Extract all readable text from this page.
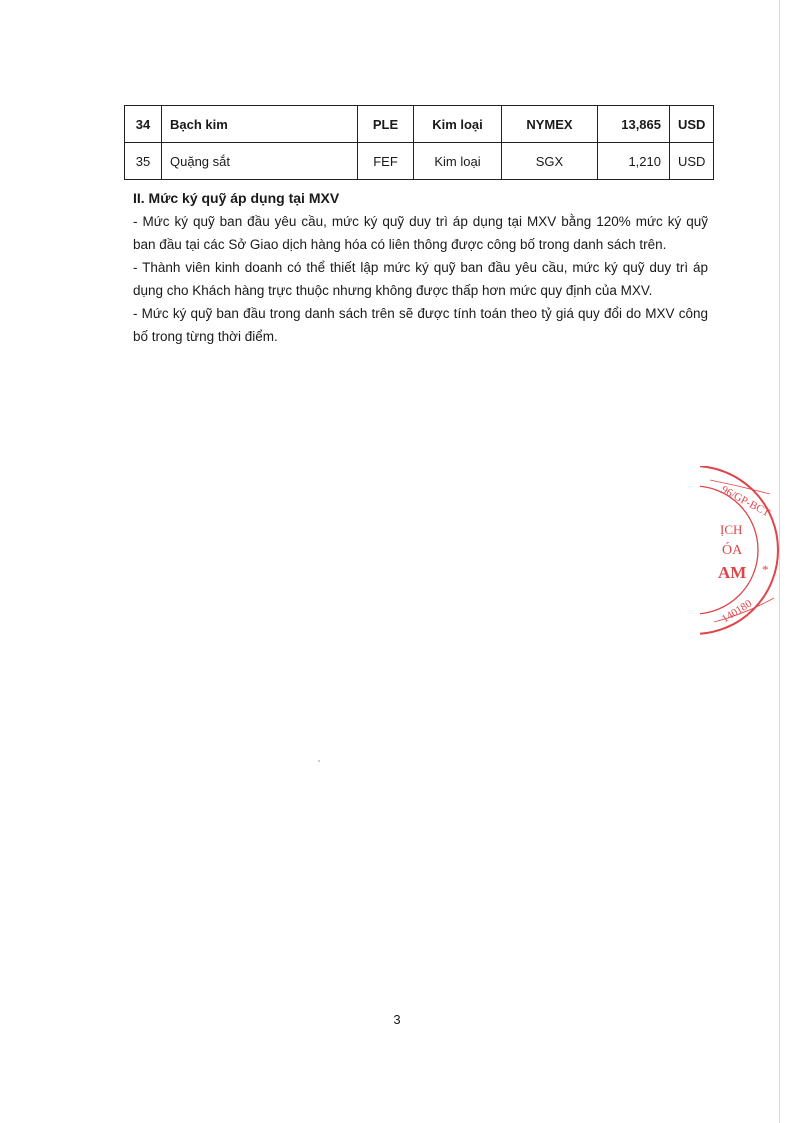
34	Bạch kim	PLE	Kim loại	NYMEX	13,865	USD
35	Quặng sắt	FEF	Kim loại	SGX	1,210	USD
II. Mức ký quỹ áp dụng tại MXV

- Mức ký quỹ ban đầu yêu cầu, mức ký quỹ duy trì áp dụng tại MXV bằng 120% mức ký quỹ ban đầu tại các Sở Giao dịch hàng hóa có liên thông được công bố trong danh sách trên.

- Thành viên kinh doanh có thể thiết lập mức ký quỹ ban đầu yêu cầu, mức ký quỹ duy trì áp dụng cho Khách hàng trực thuộc nhưng không được thấp hơn mức quy định của MXV.

- Mức ký quỹ ban đầu trong danh sách trên sẽ được tính toán theo tỷ giá quy đổi do MXV công bố trong từng thời điểm.

96/GP-BCT
ỊCH
ÓA
AM *
140180
3
